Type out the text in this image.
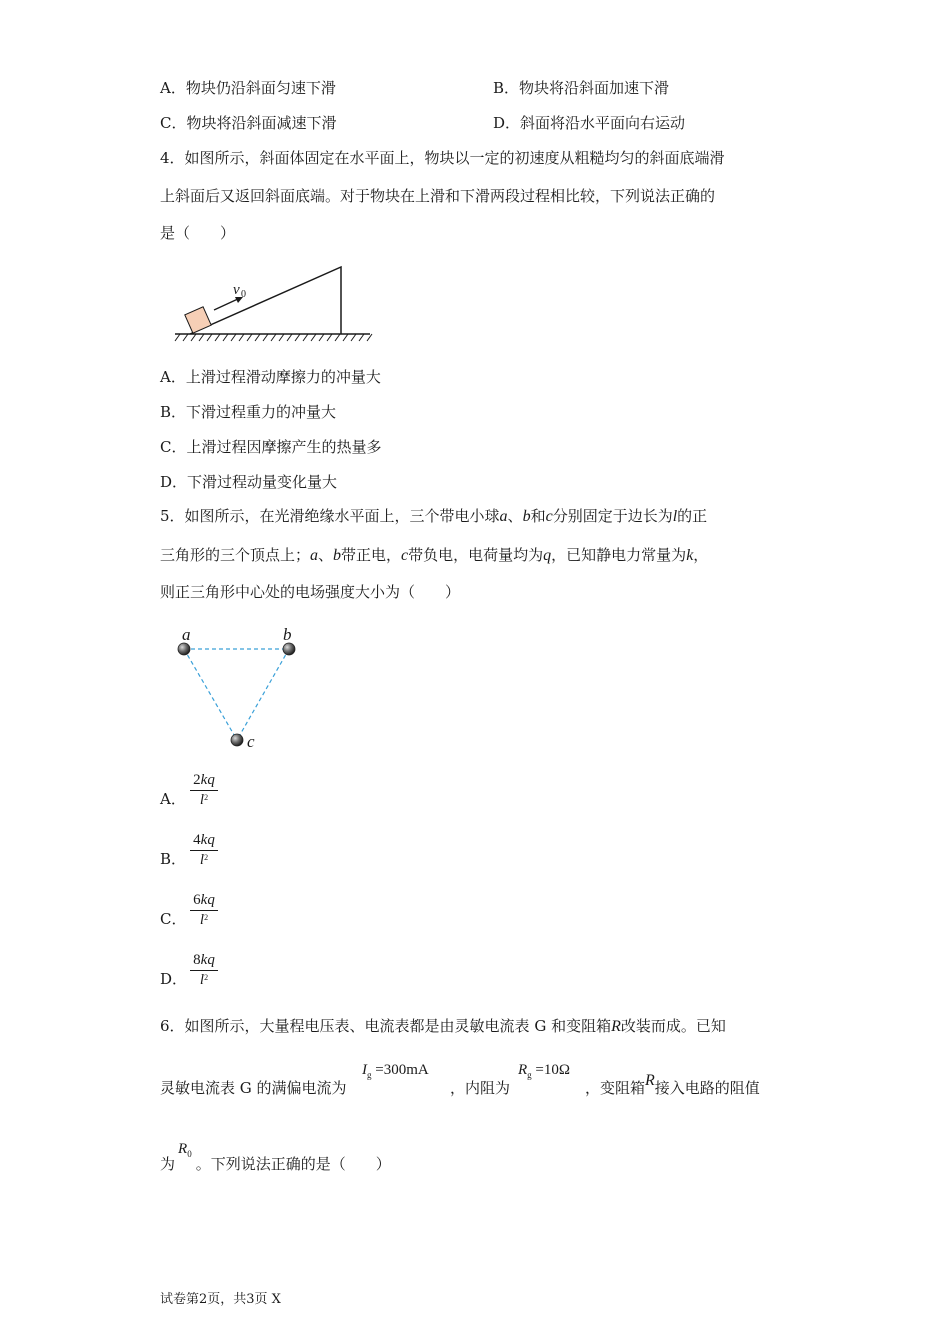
A．物块仍沿斜面匀速下滑	B．物块将沿斜面加速下滑
C．物块将沿斜面减速下滑	D．斜面将沿水平面向右运动
4．如图所示，斜面体固定在水平面上，物块以一定的初速度从粗糙均匀的斜面底端滑
上斜面后又返回斜面底端。对于物块在上滑和下滑两段过程相比较，下列说法正确的
是（　　）
v 0
A．上滑过程滑动摩擦力的冲量大
B．下滑过程重力的冲量大
C．上滑过程因摩擦产生的热量多
D．下滑过程动量变化量大
5．如图所示，在光滑绝缘水平面上，三个带电小球a、b和c分别固定于边长为l的正
三角形的三个顶点上；a、b带正电，c带负电，电荷量均为q，已知静电力常量为k，
则正三角形中心处的电场强度大小为（　　）
a	b
c
A． $\frac{2kq}{l^2}$
B． $\frac{4kq}{l^2}$
C． $\frac{6kq}{l^2}$
D． $\frac{8kq}{l^2}$
6．如图所示，大量程电压表、电流表都是由灵敏电流表 G 和变阻箱R改装而成。已知
灵敏电流表 G 的满偏电流为
$I_g =300mA$
，内阻为
$R_g =10\Omega$
，变阻箱R接入电路的阻值
为$R_0$。下列说法正确的是（　　）
试卷第2页，共3页 X
